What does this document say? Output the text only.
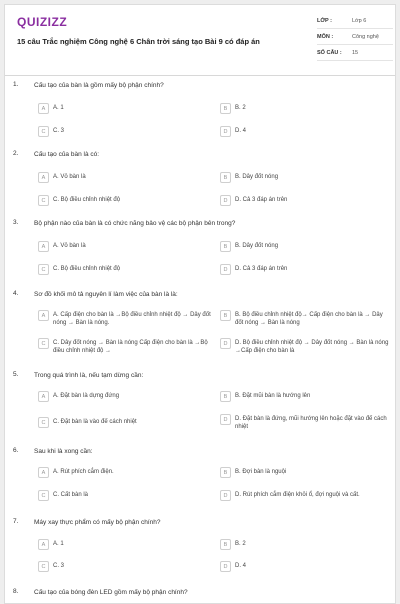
QUIZIZZ
15 câu Trắc nghiệm Công nghệ 6 Chân trời sáng tạo Bài 9 có đáp án
LỚP :	Lớp 6
MÔN :	Công nghệ
SỐ CÂU :	15
1. Cấu tạo của bàn là gồm mấy bộ phận chính?
A	A. 1	B	B. 2
C	C. 3	D	D. 4
2. Cấu tạo của bàn là có:
A	A. Vỏ bàn là	B	B. Dây đốt nóng
C	C. Bộ điều chỉnh nhiệt độ	D	D. Cả 3 đáp án trên
3. Bộ phận nào của bàn là có chức năng bảo vệ các bộ phận bên trong?
A	A. Vỏ bàn là	B	B. Dây đốt nóng
C	C. Bộ điều chỉnh nhiệt độ	D	D. Cả 3 đáp án trên
4. Sơ đồ khối mô tả nguyên lí làm việc của bàn là là:
A	A. Cấp điện cho bàn là →Bộ điều chỉnh nhiệt độ → Dây đốt nóng → Bàn là nóng.
B	B. Bộ điều chỉnh nhiệt độ→ Cấp điện cho bàn là → Dây đốt nóng → Bàn là nóng
C	C. Dây đốt nóng → Bàn là nóng Cấp điện cho bàn là →Bộ điều chỉnh nhiệt độ →
D	D. Bộ điều chỉnh nhiệt độ → Dây đốt nóng → Bàn là nóng →Cấp điện cho bàn là
5. Trong quá trình là, nếu tạm dừng cần:
A	A. Đặt bàn là dựng đứng	B	B. Đặt mũi bàn là hướng lên
C	C. Đặt bàn là vào đế cách nhiệt	D	D. Đặt bàn là đứng, mũi hướng lên hoặc đặt vào đế cách nhiệt
6. Sau khi là xong cần:
A	A. Rút phích cắm điện.	B	B. Đợi bàn là nguội
C	C. Cất bàn là	D	D. Rút phích cắm điện khỏi ổ, đợi nguội và cất.
7. Máy xay thực phẩm có mấy bộ phận chính?
A	A. 1	B	B. 2
C	C. 3	D	D. 4
8. Cấu tạo của bóng đèn LED gồm mấy bộ phận chính?
